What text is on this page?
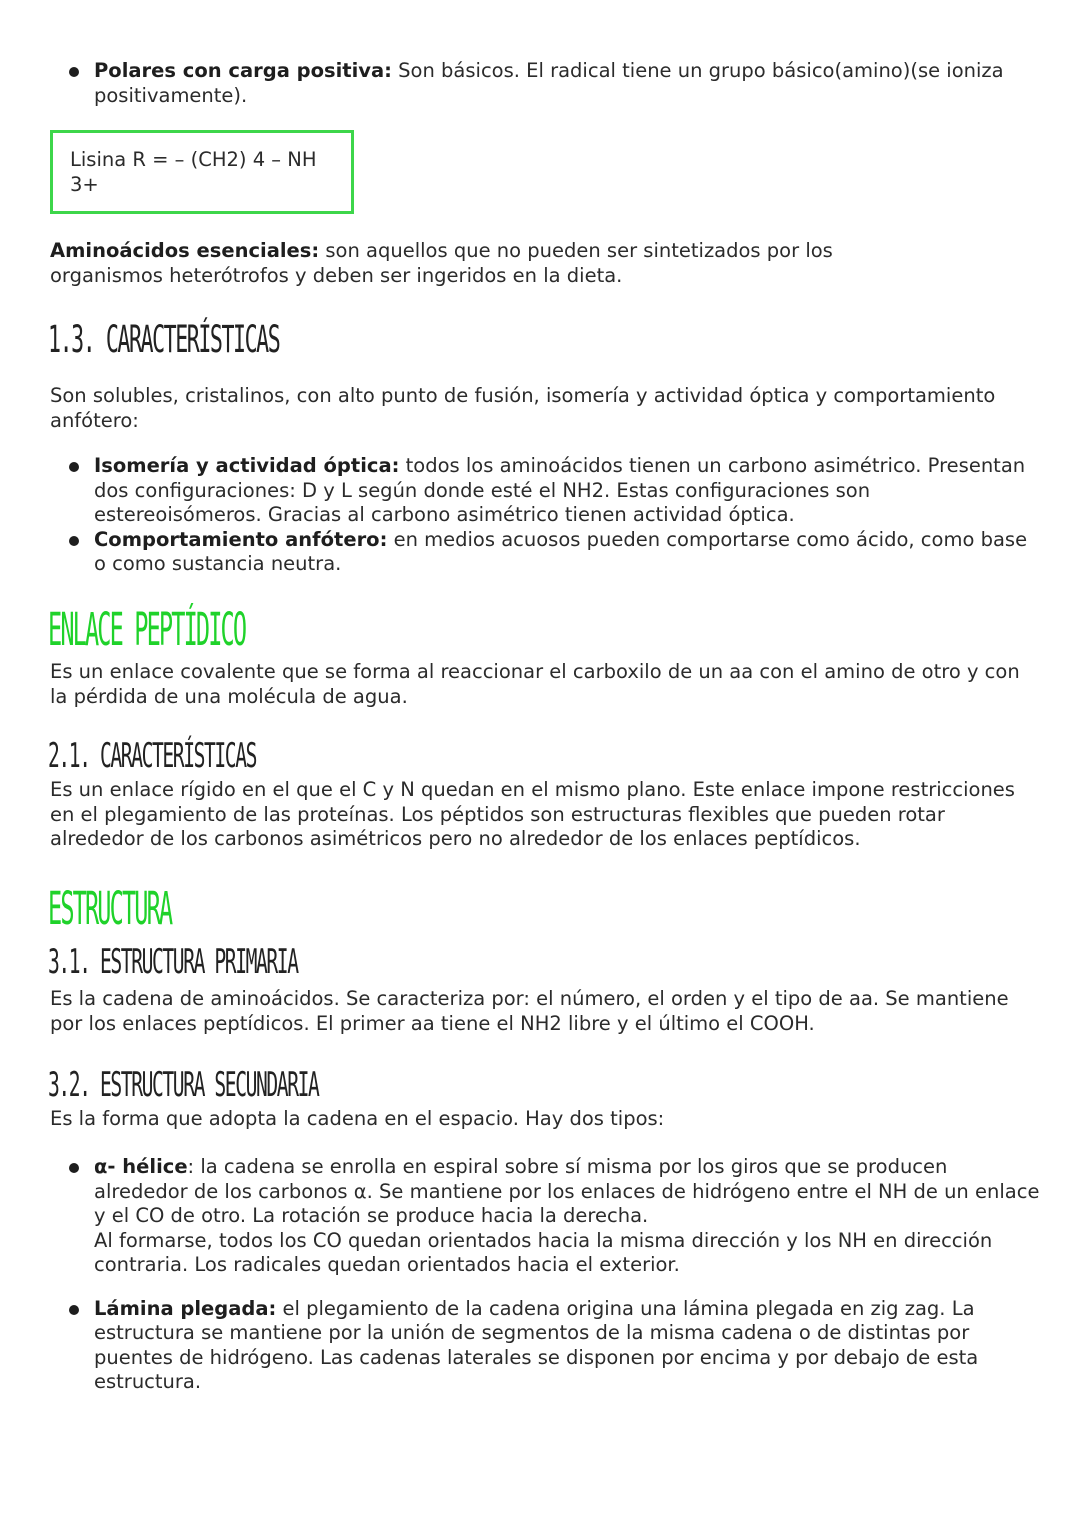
Polares con carga positiva: Son básicos. El radical tiene un grupo básico(amino)(se ioniza positivamente).
Lisina R = – (CH2) 4 – NH
3+

Aminoácidos esenciales: son aquellos que no pueden ser sintetizados por los organismos heterótrofos y deben ser ingeridos en la dieta.

1.3. CARACTERÍSTICAS

Son solubles, cristalinos, con alto punto de fusión, isomería y actividad óptica y comportamiento anfótero:

Isomería y actividad óptica: todos los aminoácidos tienen un carbono asimétrico. Presentan dos configuraciones: D y L según donde esté el NH2. Estas configuraciones son estereoisómeros. Gracias al carbono asimétrico tienen actividad óptica.
Comportamiento anfótero: en medios acuosos pueden comportarse como ácido, como base o como sustancia neutra.
ENLACE PEPTÍDICO

Es un enlace covalente que se forma al reaccionar el carboxilo de un aa con el amino de otro y con la pérdida de una molécula de agua.

2.1. CARACTERÍSTICAS

Es un enlace rígido en el que el C y N quedan en el mismo plano. Este enlace impone restricciones en el plegamiento de las proteínas. Los péptidos son estructuras flexibles que pueden rotar alrededor de los carbonos asimétricos pero no alrededor de los enlaces peptídicos.

ESTRUCTURA
3.1. ESTRUCTURA PRIMARIA

Es la cadena de aminoácidos. Se caracteriza por: el número, el orden y el tipo de aa. Se mantiene por los enlaces peptídicos. El primer aa tiene el NH2 libre y el último el COOH.

3.2. ESTRUCTURA SECUNDARIA

Es la forma que adopta la cadena en el espacio. Hay dos tipos:

α- hélice: la cadena se enrolla en espiral sobre sí misma por los giros que se producen alrededor de los carbonos α. Se mantiene por los enlaces de hidrógeno entre el NH de un enlace y el CO de otro. La rotación se produce hacia la derecha.
Al formarse, todos los CO quedan orientados hacia la misma dirección y los NH en dirección contraria. Los radicales quedan orientados hacia el exterior.
Lámina plegada: el plegamiento de la cadena origina una lámina plegada en zig zag. La estructura se mantiene por la unión de segmentos de la misma cadena o de distintas por puentes de hidrógeno. Las cadenas laterales se disponen por encima y por debajo de esta estructura.
